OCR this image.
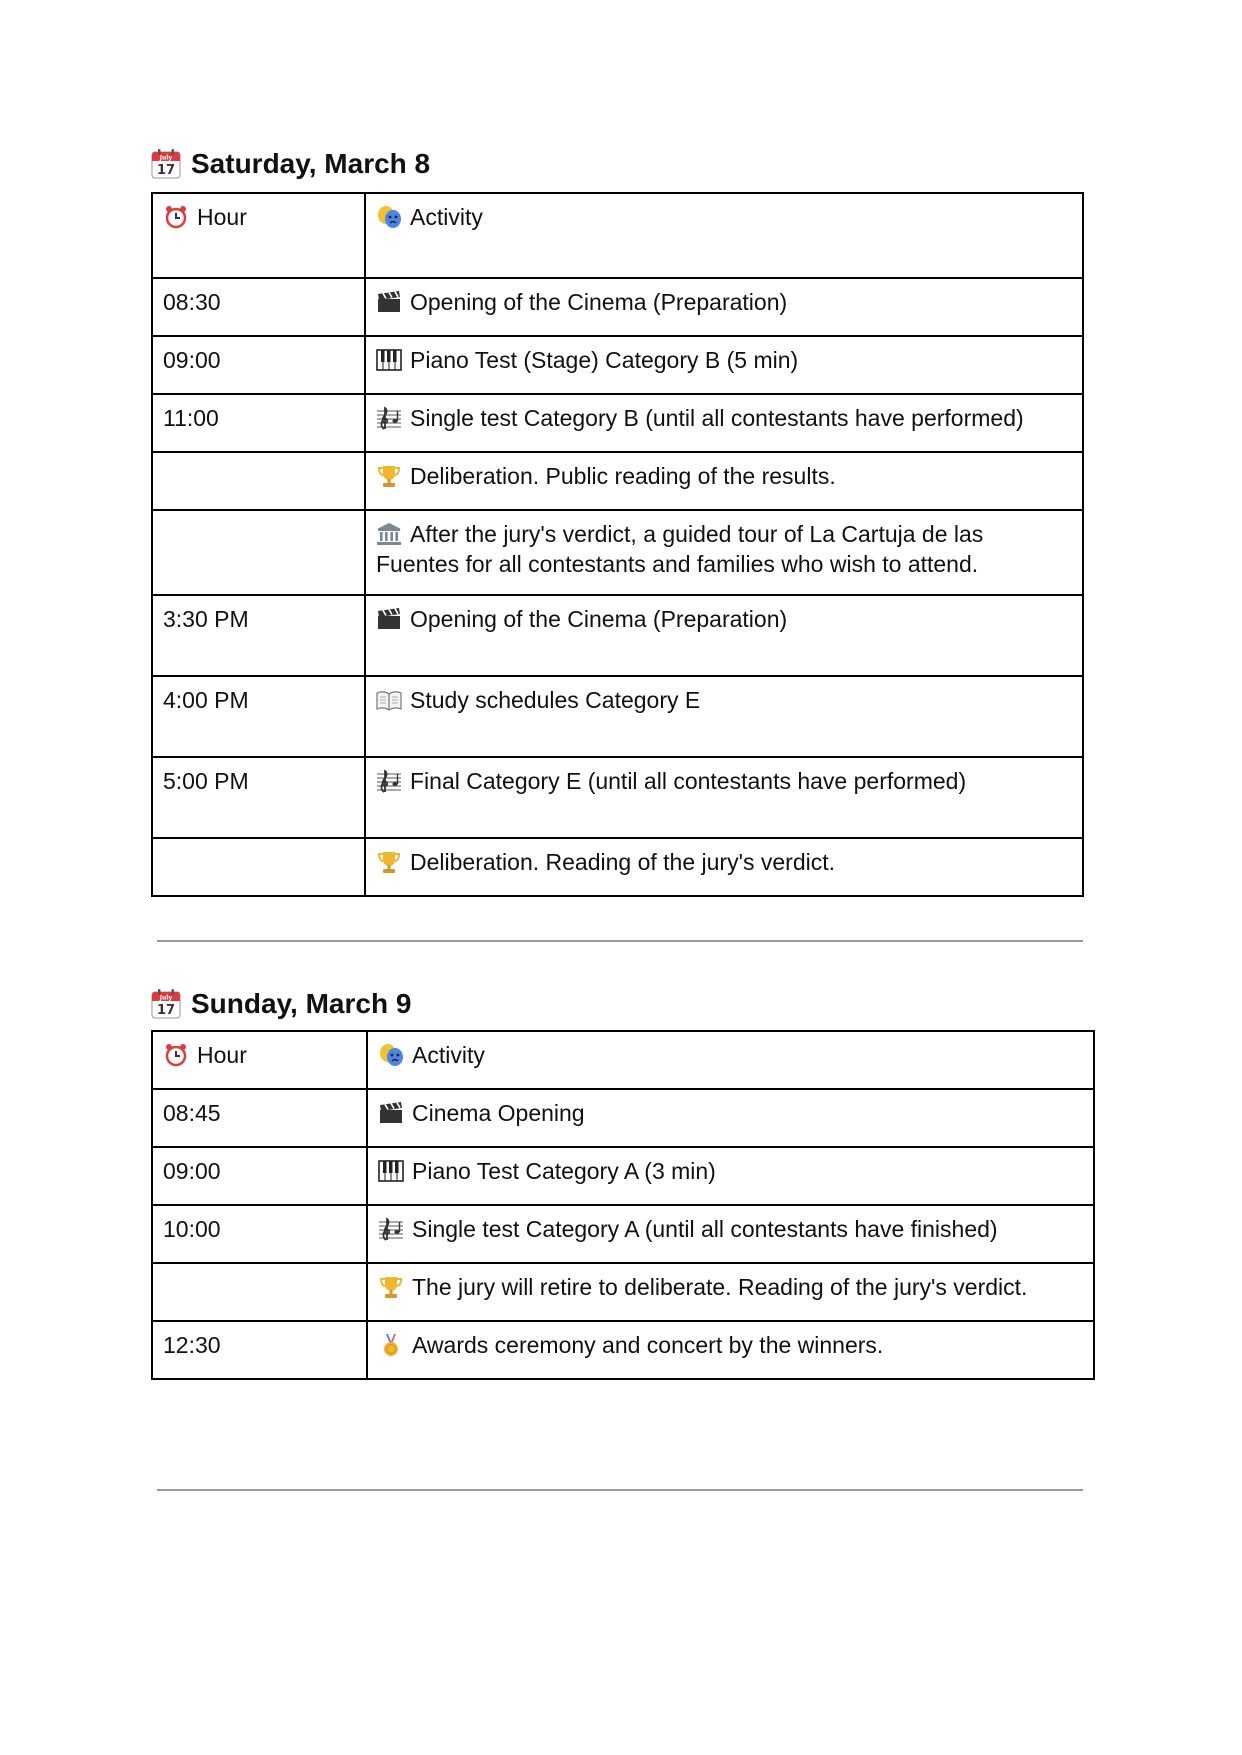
July
17 Saturday, March 8
Hour	Activity
08:30	Opening of the Cinema (Preparation)
09:00	Piano Test (Stage) Category B (5 min)
11:00	Single test Category B (until all contestants have performed)
	Deliberation. Public reading of the results.
	After the jury's verdict, a guided tour of La Cartuja de las Fuentes for all contestants and families who wish to attend.
3:30 PM	Opening of the Cinema (Preparation)
4:00 PM	Study schedules Category E
5:00 PM	Final Category E (until all contestants have performed)
	Deliberation. Reading of the jury's verdict.
July
17 Sunday, March 9
Hour	Activity
08:45	Cinema Opening
09:00	Piano Test Category A (3 min)
10:00	Single test Category A (until all contestants have finished)
	The jury will retire to deliberate. Reading of the jury's verdict.
12:30	Awards ceremony and concert by the winners.
